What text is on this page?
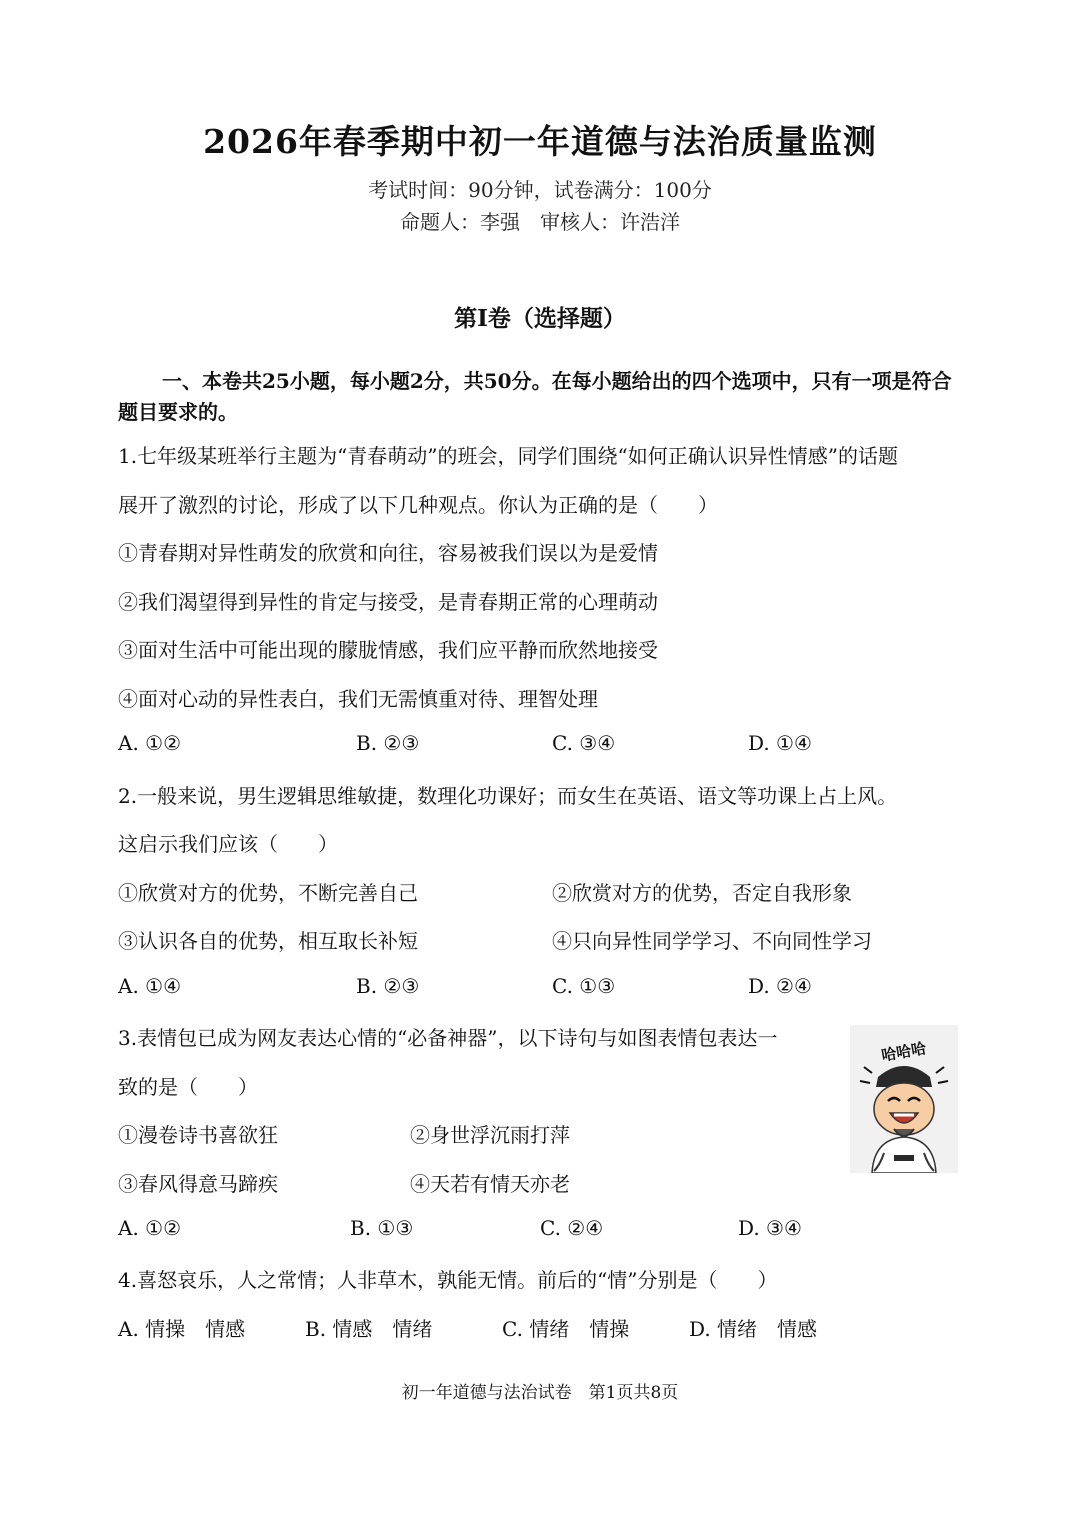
2026年春季期中初一年道德与法治质量监测
考试时间：90分钟，试卷满分：100分
命题人：李强　审核人：许浩洋
第Ⅰ卷（选择题）
一、本卷共25小题，每小题2分，共50分。在每小题给出的四个选项中，只有一项是符合题目要求的。
1.七年级某班举行主题为“青春萌动”的班会，同学们围绕“如何正确认识异性情感”的话题
展开了激烈的讨论，形成了以下几种观点。你认为正确的是（　　）
①青春期对异性萌发的欣赏和向往，容易被我们误以为是爱情
②我们渴望得到异性的肯定与接受，是青春期正常的心理萌动
③面对生活中可能出现的朦胧情感，我们应平静而欣然地接受
④面对心动的异性表白，我们无需慎重对待、理智处理
A. ①②	B. ②③	C. ③④	D. ①④
2.一般来说，男生逻辑思维敏捷，数理化功课好；而女生在英语、语文等功课上占上风。
这启示我们应该（　　）
①欣赏对方的优势，不断完善自己	②欣赏对方的优势，否定自我形象
③认识各自的优势，相互取长补短	④只向异性同学学习、不向同性学习
A. ①④	B. ②③	C. ①③	D. ②④
3.表情包已成为网友表达心情的“必备神器”，以下诗句与如图表情包表达一
致的是（　　）
①漫卷诗书喜欲狂	②身世浮沉雨打萍
③春风得意马蹄疾	④天若有情天亦老
A. ①②	B. ①③	C. ②④	D. ③④
哈哈哈
4.喜怒哀乐，人之常情；人非草木，孰能无情。前后的“情”分别是（　　）
A. 情操　情感	B. 情感　情绪	C. 情绪　情操	D. 情绪　情感
初一年道德与法治试卷　第1页共8页
